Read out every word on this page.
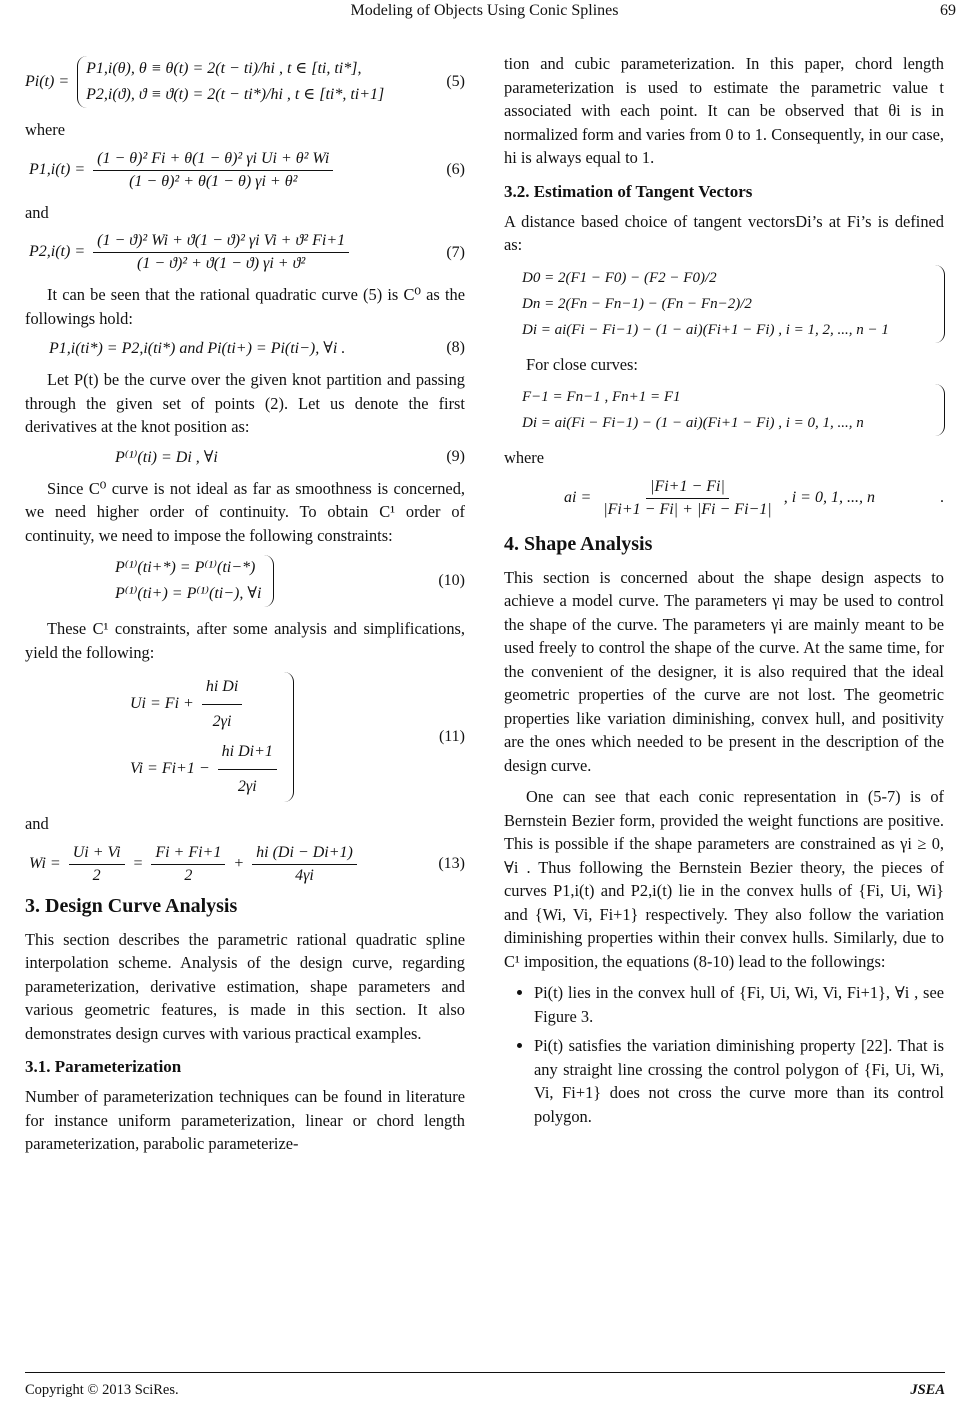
Modeling of Objects Using Conic Splines	69
Pi(t) =
P1,i(θ), θ ≡ θ(t) = 2(t − ti)/hi , t ∈ [ti, ti*],
P2,i(ϑ), ϑ ≡ ϑ(t) = 2(t − ti*)/hi , t ∈ [ti*, ti+1]
(5)

where

$P1,i(t) = \frac{\text{(1 − θ)² Fi + θ(1 − θ)² γi Ui + θ² Wi}}{\text{(1 − θ)² + θ(1 − θ) γi + θ²}}$	(6)

and

$P2,i(t) = \frac{\text{(1 − ϑ)² Wi + ϑ(1 − ϑ)² γi Vi + ϑ² Fi+1}}{\text{(1 − ϑ)² + ϑ(1 − ϑ) γi + ϑ²}}$	(7)

It can be seen that the rational quadratic curve (5) is C⁰ as the followings hold:

P1,i(ti*) = P2,i(ti*) and Pi(ti+) = Pi(ti−), ∀i .	(8)

Let P(t) be the curve over the given knot partition and passing through the given set of points (2). Let us denote the first derivatives at the knot position as:

P⁽¹⁾(ti) = Di , ∀i	(9)

Since C⁰ curve is not ideal as far as smoothness is concerned, we need higher order of continuity. To obtain C¹ order of continuity, we need to impose the following constraints:

P⁽¹⁾(ti+*) = P⁽¹⁾(ti−*)
P⁽¹⁾(ti+) = P⁽¹⁾(ti−), ∀i
(10)

These C¹ constraints, after some analysis and simplifications, yield the following:

$Ui = Fi + \frac{\text{hi Di}}{2\gamma i}$
$Vi = Fi+1 - \frac{\text{hi Di+1}}{2\gamma i}$
(11)

and

$Wi = \frac{Ui + Vi}{2} = \frac{Fi + Fi+1}{2} + \frac{hi (Di - Di+1)}{4\gamma i}$	(13)
3. Design Curve Analysis

This section describes the parametric rational quadratic spline interpolation scheme. Analysis of the design curve, regarding parameterization, derivative estimation, shape parameters and various geometric features, is made in this section. It also demonstrates design curves with various practical examples.

3.1. Parameterization

Number of parameterization techniques can be found in literature for instance uniform parameterization, linear or chord length parameterization, parabolic parameterize-

tion and cubic parameterization. In this paper, chord length parameterization is used to estimate the parametric value t associated with each point. It can be observed that θi is in normalized form and varies from 0 to 1. Consequently, in our case, hi is always equal to 1.

3.2. Estimation of Tangent Vectors

A distance based choice of tangent vectorsDi’s at Fi’s is defined as:

D0 = 2(F1 − F0) − (F2 − F0)/2
Dn = 2(Fn − Fn−1) − (Fn − Fn−2)/2
Di = ai(Fi − Fi−1) − (1 − ai)(Fi+1 − Fi) , i = 1, 2, ..., n − 1

For close curves:

F−1 = Fn−1 , Fn+1 = F1
Di = ai(Fi − Fi−1) − (1 − ai)(Fi+1 − Fi) , i = 0, 1, ..., n

where

ai = $\frac{|Fi+1 - Fi|}{|Fi+1 - Fi| + |Fi - Fi-1|}$ , i = 0, 1, ..., n	.
4. Shape Analysis

This section is concerned about the shape design aspects to achieve a model curve. The parameters γi may be used to control the shape of the curve. The parameters γi are mainly meant to be used freely to control the shape of the curve. At the same time, for the convenient of the designer, it is also required that the ideal geometric properties of the curve are not lost. The geometric properties like variation diminishing, convex hull, and positivity are the ones which needed to be present in the description of the design curve.

One can see that each conic representation in (5-7) is of Bernstein Bezier form, provided the weight functions are positive. This is possible if the shape parameters are constrained as γi ≥ 0, ∀i . Thus following the Bernstein Bezier theory, the pieces of curves P1,i(t) and P2,i(t) lie in the convex hulls of {Fi, Ui, Wi} and {Wi, Vi, Fi+1} respectively. They also follow the variation diminishing properties within their convex hulls. Similarly, due to C¹ imposition, the equations (8-10) lead to the followings:

• Pi(t) lies in the convex hull of {Fi, Ui, Wi, Vi, Fi+1}, ∀i , see Figure 3.
• Pi(t) satisfies the variation diminishing property [22]. That is any straight line crossing the control polygon of {Fi, Ui, Wi, Vi, Fi+1} does not cross the curve more than its control polygon.
Copyright © 2013 SciRes.	JSEA
